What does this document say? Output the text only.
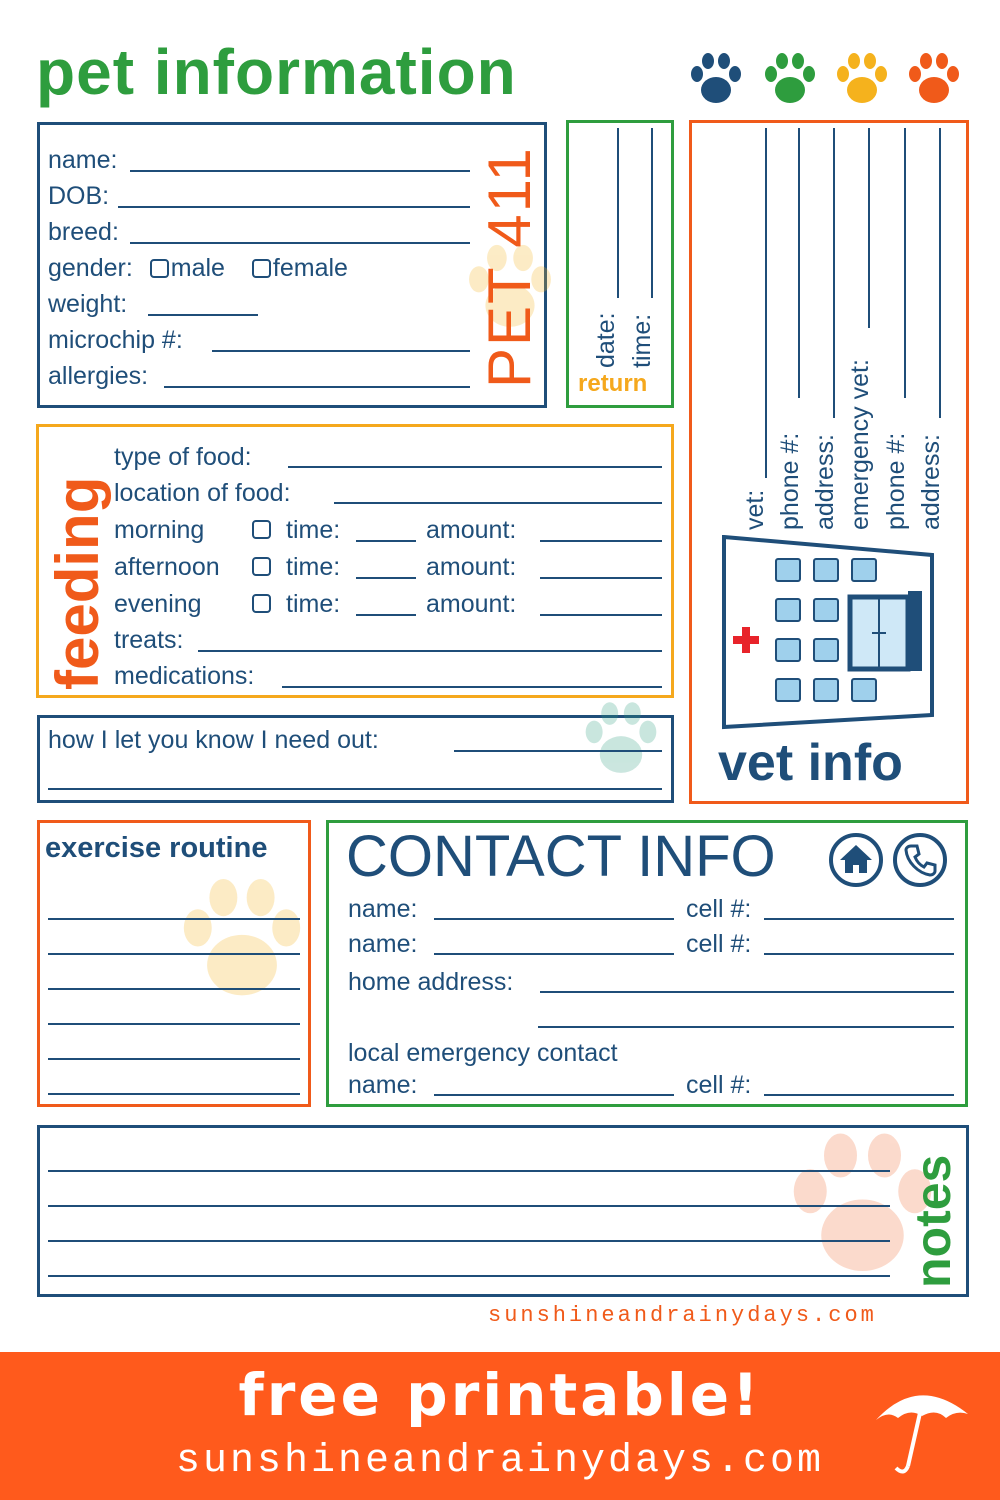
pet information
name:
DOB:
breed:
gender: male female
weight:
microchip #:
allergies:	PET 411 date: time:
return
vet: phone #: address: emergency vet: phone #: address:
vet info
feeding
type of food:
location of food:
morning	time:	amount:
afternoon	time:	amount:
evening	time:	amount:
treats:
medications:
how I let you know I need out:
exercise routine CONTACT INFO
name:	cell #:
name:	cell #:
home address:
local emergency contact
name:	cell #:
notes
sunshineandrainydays.com
free printable!
sunshineandrainydays.com
